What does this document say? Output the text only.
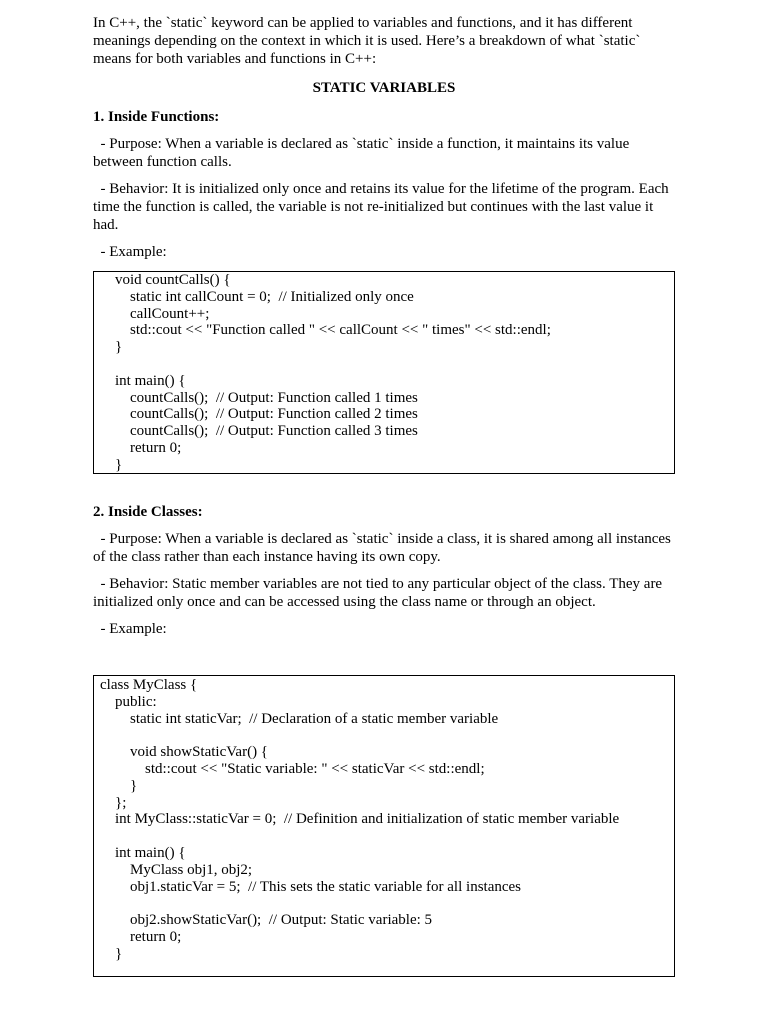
In C++, the `static` keyword can be applied to variables and functions, and it has different meanings depending on the context in which it is used. Here’s a breakdown of what `static` means for both variables and functions in C++:

STATIC VARIABLES
1. Inside Functions:

- Purpose: When a variable is declared as `static` inside a function, it maintains its value between function calls.

- Behavior: It is initialized only once and retains its value for the lifetime of the program. Each time the function is called, the variable is not re-initialized but continues with the last value it had.

- Example:

void countCalls() {
static int callCount = 0;  // Initialized only once
callCount++;
std::cout << "Function called " << callCount << " times" << std::endl;
}
int main() {
countCalls();  // Output: Function called 1 times
countCalls();  // Output: Function called 2 times
countCalls();  // Output: Function called 3 times
return 0;
}
2. Inside Classes:

- Purpose: When a variable is declared as `static` inside a class, it is shared among all instances of the class rather than each instance having its own copy.

- Behavior: Static member variables are not tied to any particular object of the class. They are initialized only once and can be accessed using the class name or through an object.

- Example:

class MyClass {
public:
static int staticVar;  // Declaration of a static member variable
void showStaticVar() {
std::cout << "Static variable: " << staticVar << std::endl;
}
};
int MyClass::staticVar = 0;  // Definition and initialization of static member variable
int main() {
MyClass obj1, obj2;
obj1.staticVar = 5;  // This sets the static variable for all instances
obj2.showStaticVar();  // Output: Static variable: 5
return 0;
}
